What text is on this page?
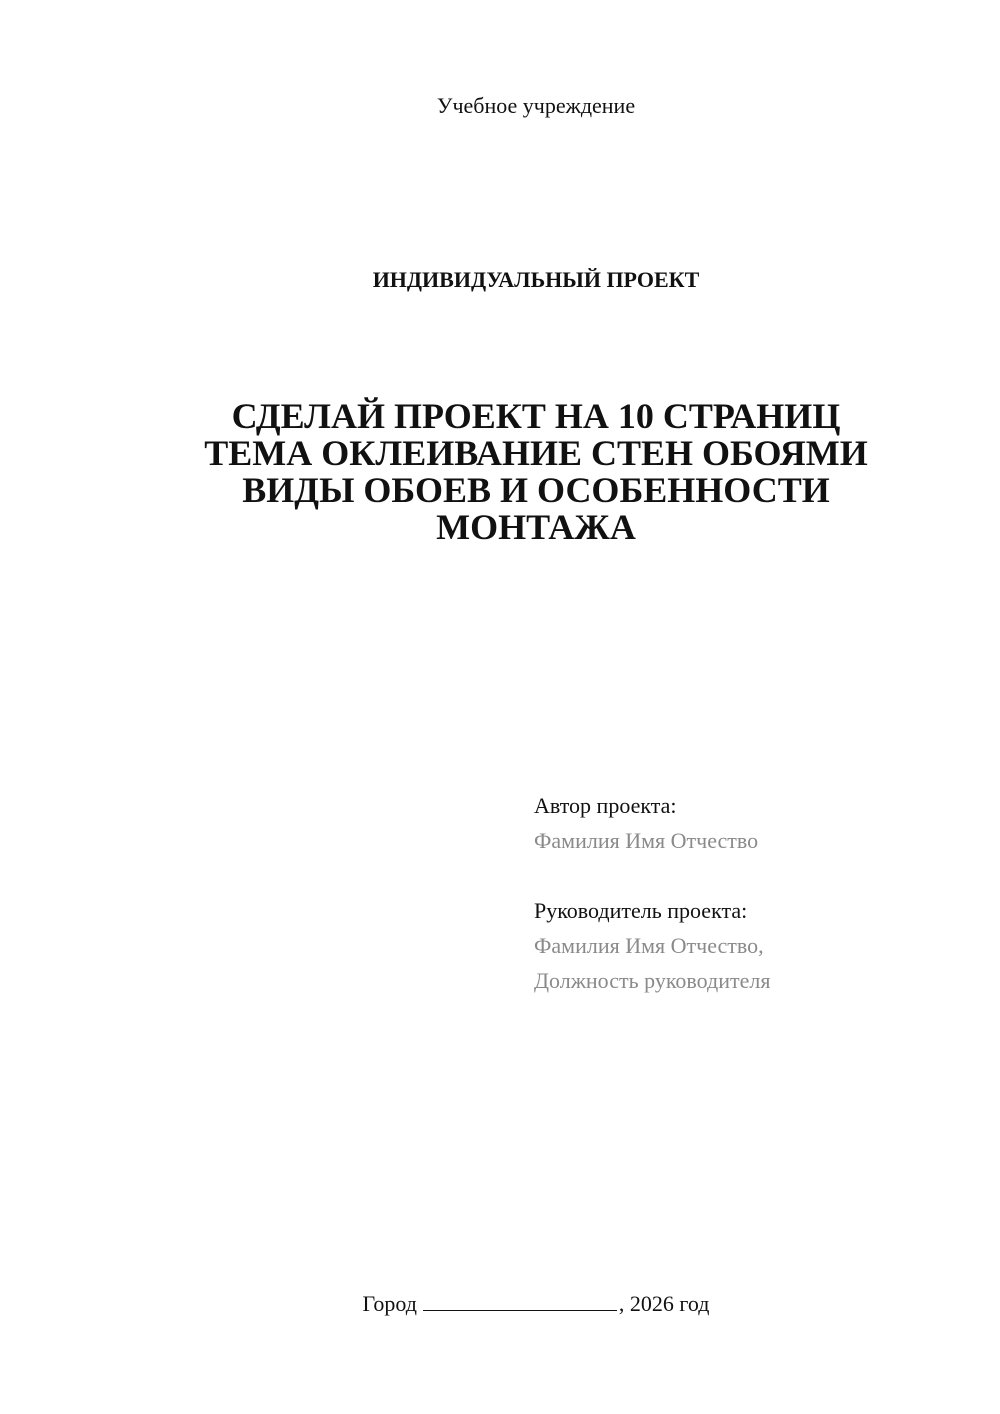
Учебное учреждение
ИНДИВИДУАЛЬНЫЙ ПРОЕКТ
СДЕЛАЙ ПРОЕКТ НА 10 СТРАНИЦ
ТЕМА ОКЛЕИВАНИЕ СТЕН ОБОЯМИ
ВИДЫ ОБОЕВ И ОСОБЕННОСТИ
МОНТАЖА
Автор проекта:
Фамилия Имя Отчество
Руководитель проекта:
Фамилия Имя Отчество,
Должность руководителя
Город	, 2026 год
